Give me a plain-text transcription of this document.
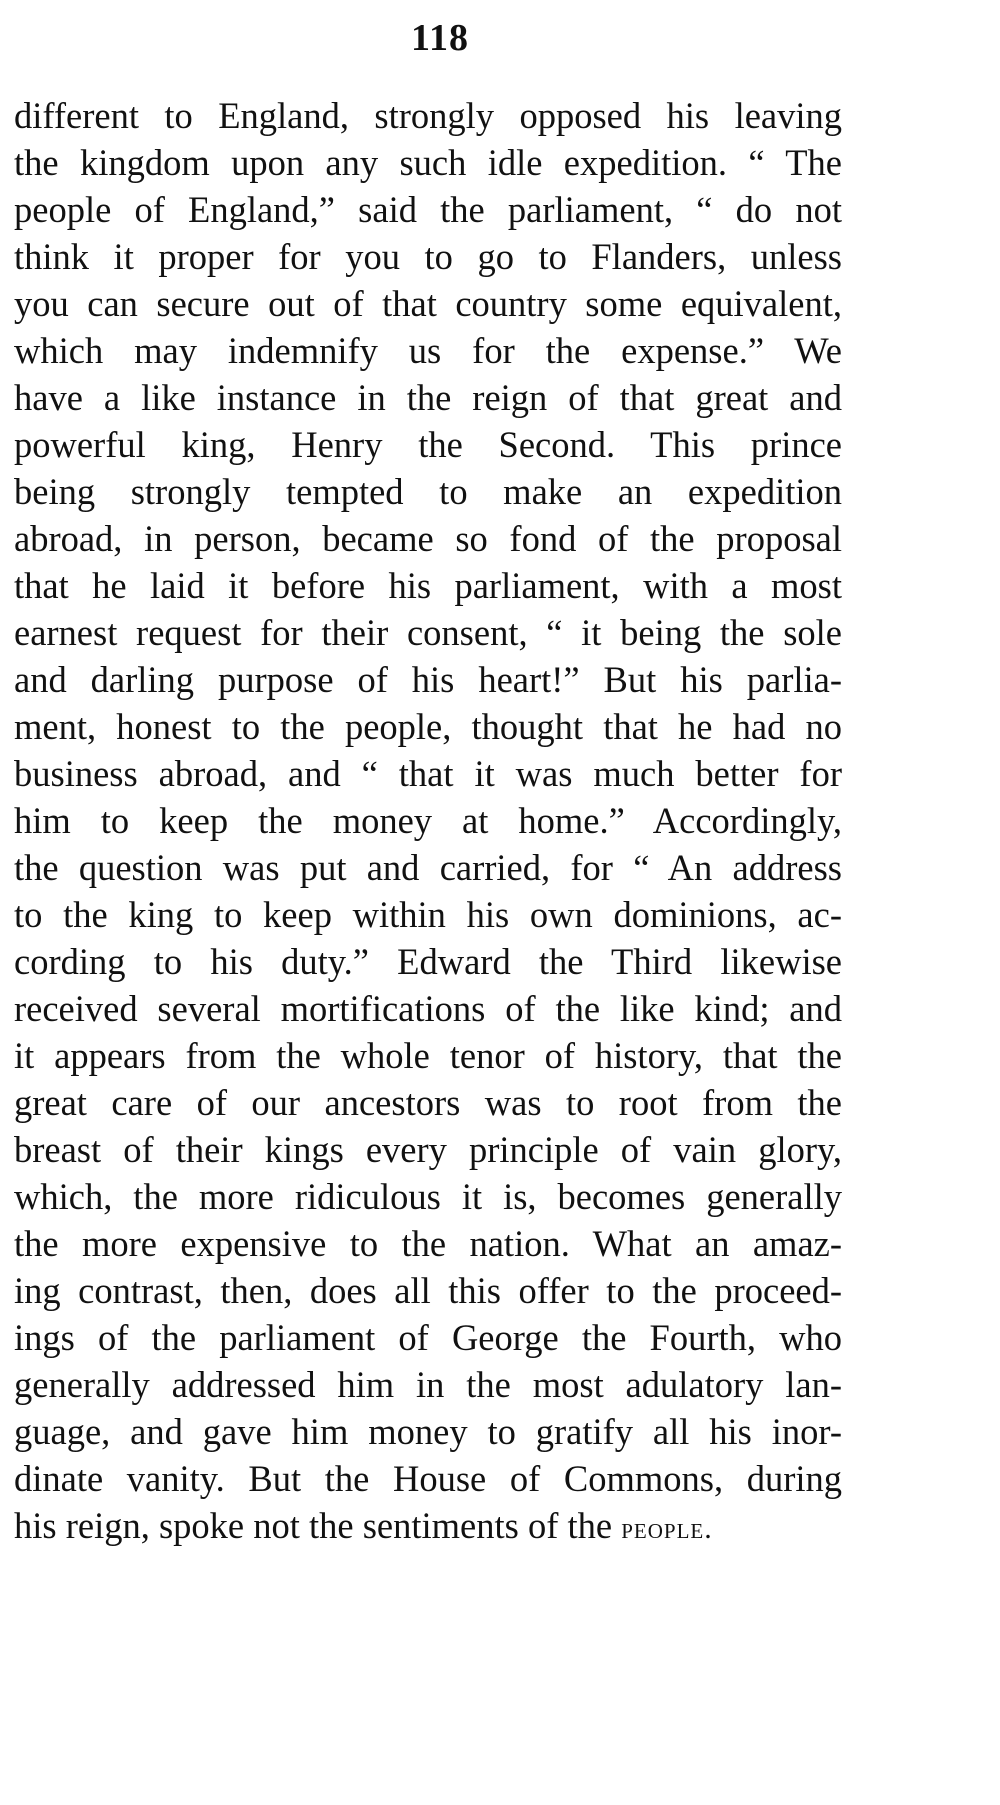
118
different to England, strongly opposed his leaving
the kingdom upon any such idle expedition. “ The
people of England,” said the parliament, “ do not
think it proper for you to go to Flanders, unless
you can secure out of that country some equivalent,
which may indemnify us for the expense.” We
have a like instance in the reign of that great and
powerful king, Henry the Second. This prince
being strongly tempted to make an expedition
abroad, in person, became so fond of the proposal
that he laid it before his parliament, with a most
earnest request for their consent, “ it being the sole
and darling purpose of his heart!” But his parlia-
ment, honest to the people, thought that he had no
business abroad, and “ that it was much better for
him to keep the money at home.” Accordingly,
the question was put and carried, for “ An address
to the king to keep within his own dominions, ac-
cording to his duty.” Edward the Third likewise
received several mortifications of the like kind; and
it appears from the whole tenor of history, that the
great care of our ancestors was to root from the
breast of their kings every principle of vain glory,
which, the more ridiculous it is, becomes generally
the more expensive to the nation. What an amaz-
ing contrast, then, does all this offer to the proceed-
ings of the parliament of George the Fourth, who
generally addressed him in the most adulatory lan-
guage, and gave him money to gratify all his inor-
dinate vanity. But the House of Commons, during
his reign, spoke not the sentiments of the people.
